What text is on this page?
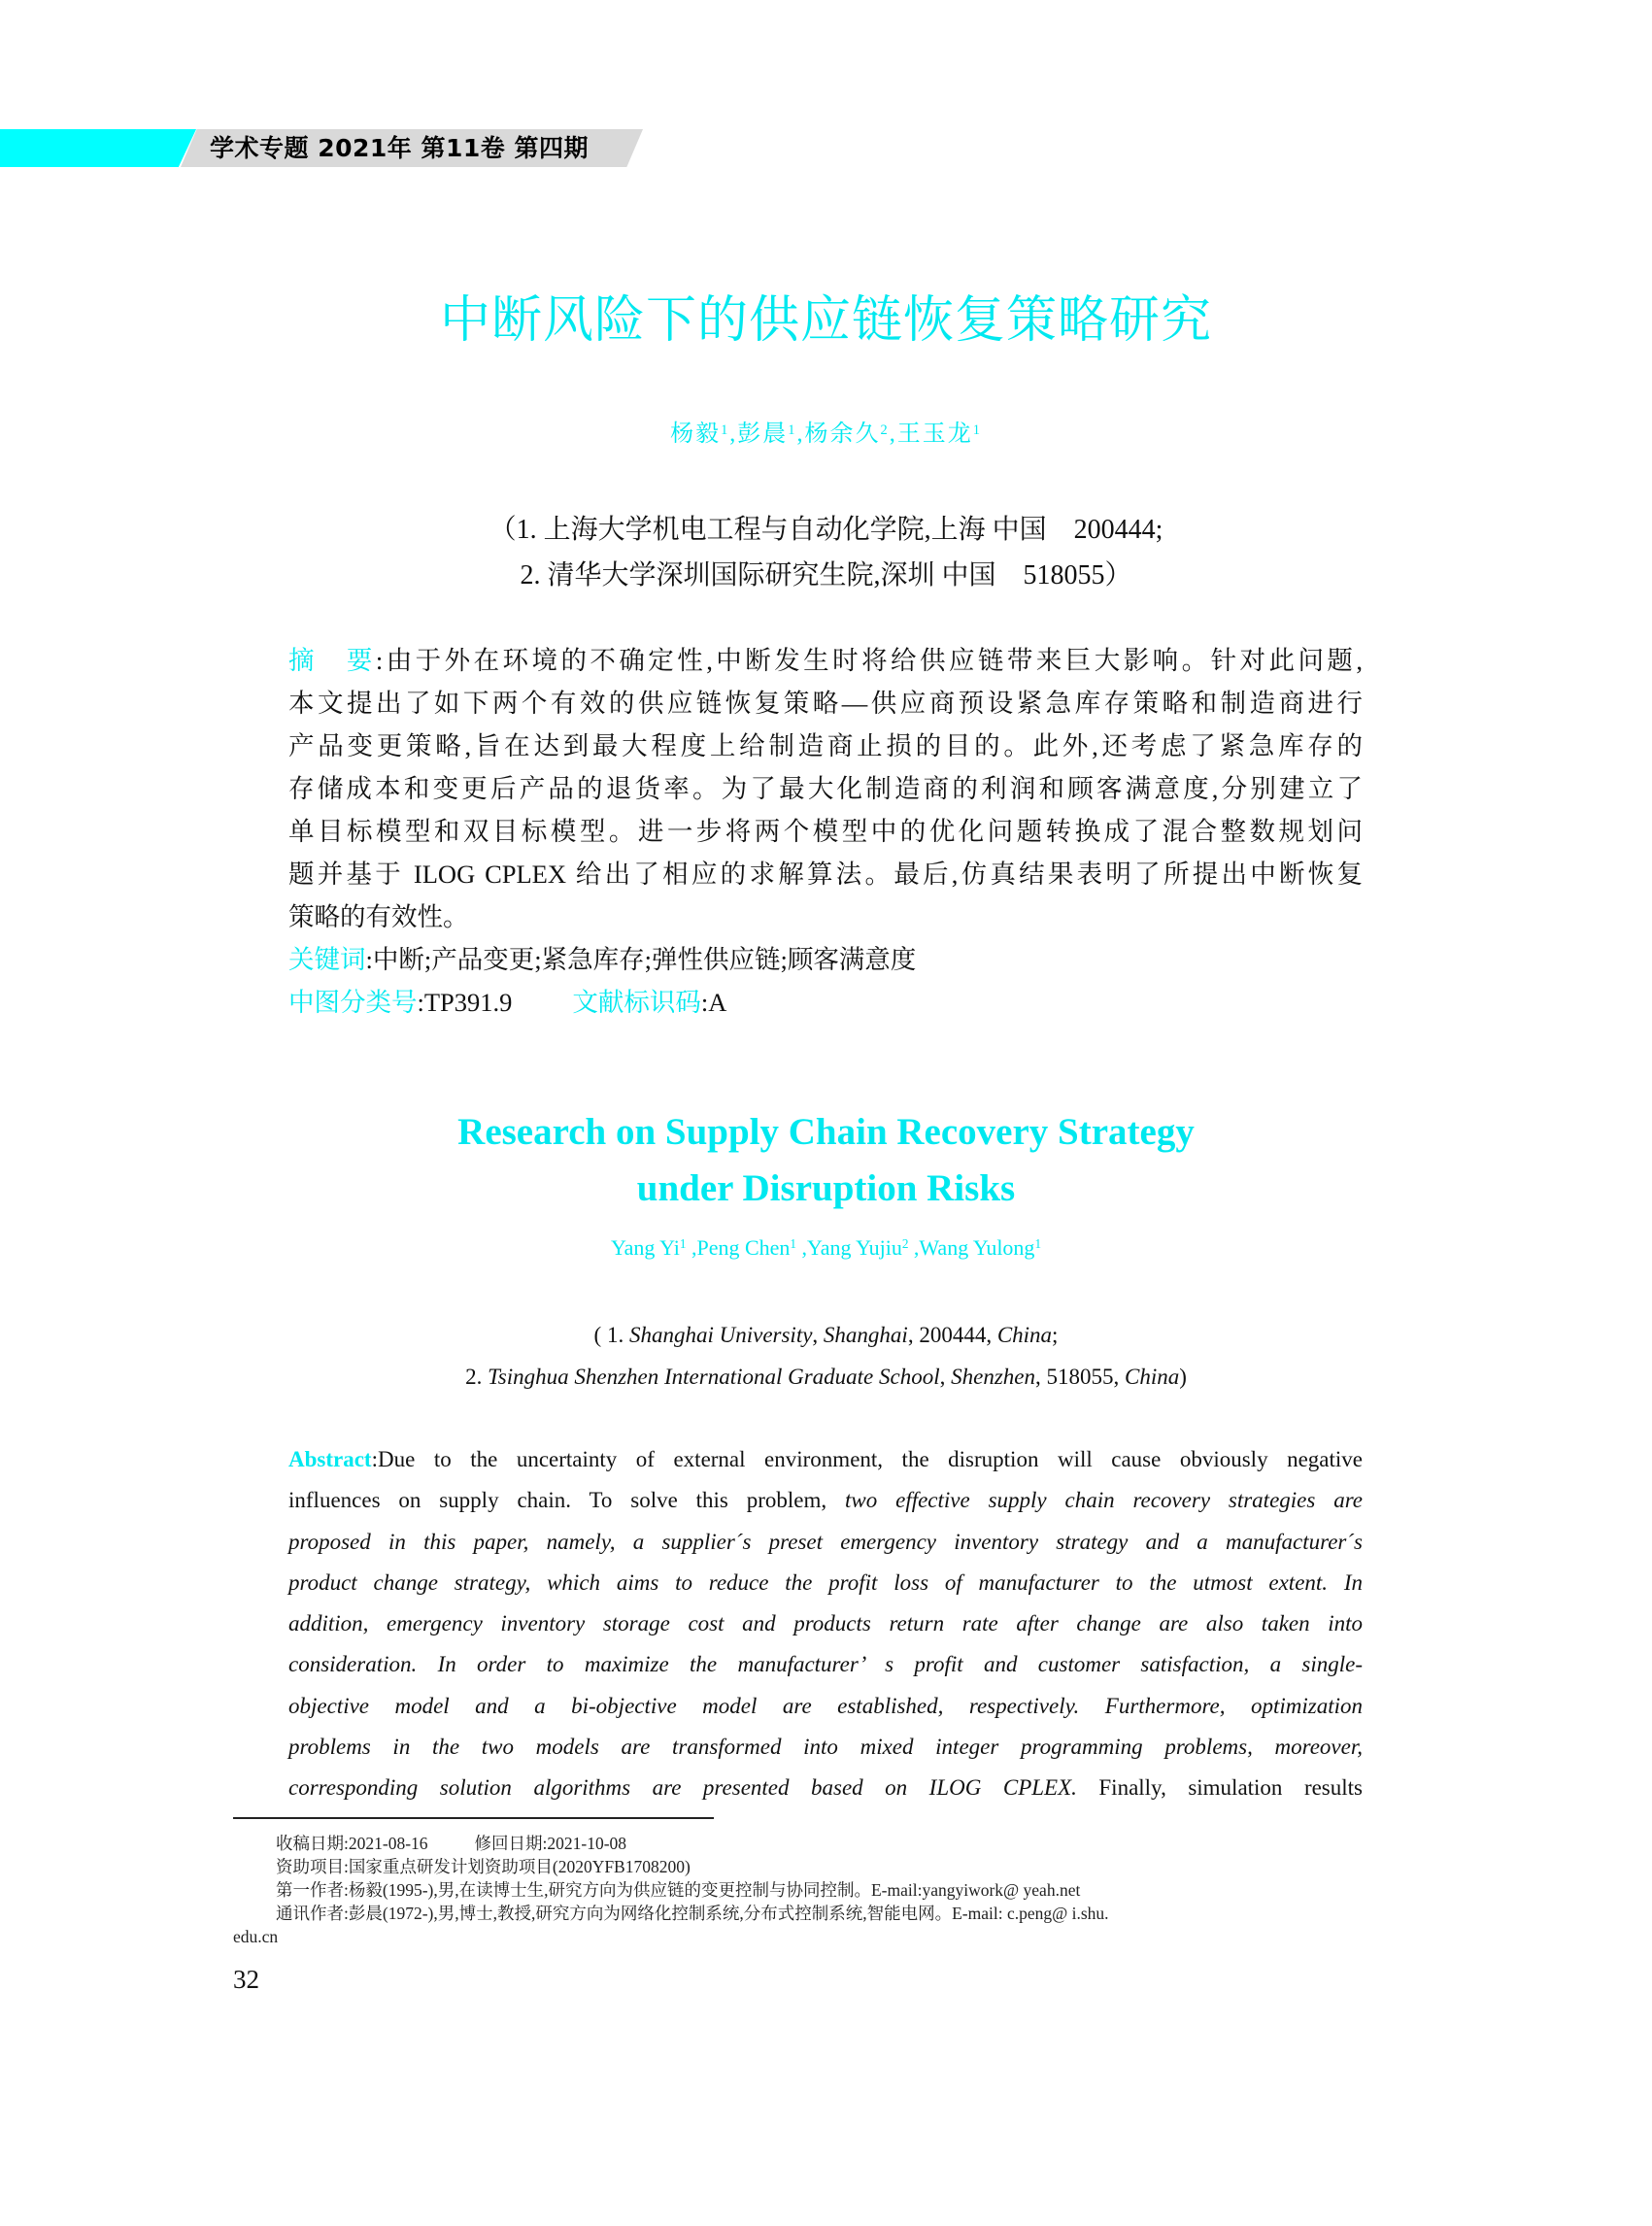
学术专题 2021年 第11卷 第四期
中断风险下的供应链恢复策略研究
杨毅$^1$,彭晨$^1$,杨余久$^2$,王玉龙$^1$
（1. 上海大学机电工程与自动化学院,上海 中国　200444;
2. 清华大学深圳国际研究生院,深圳 中国　518055）
摘　要:由于外在环境的不确定性,中断发生时将给供应链带来巨大影响。针对此问题,
本文提出了如下两个有效的供应链恢复策略—供应商预设紧急库存策略和制造商进行
产品变更策略,旨在达到最大程度上给制造商止损的目的。此外,还考虑了紧急库存的
存储成本和变更后产品的退货率。为了最大化制造商的利润和顾客满意度,分别建立了
单目标模型和双目标模型。进一步将两个模型中的优化问题转换成了混合整数规划问
题并基于 ILOG CPLEX 给出了相应的求解算法。最后,仿真结果表明了所提出中断恢复
策略的有效性。
关键词:中断;产品变更;紧急库存;弹性供应链;顾客满意度
中图分类号:TP391.9 文献标识码:A
Research on Supply Chain Recovery Strategy
under Disruption Risks
Yang Yi$^1$ ,Peng Chen$^1$ ,Yang Yujiu$^2$ ,Wang Yulong$^1$
( 1. Shanghai University, Shanghai, 200444, China;
2. Tsinghua Shenzhen International Graduate School, Shenzhen, 518055, China)
Abstract:Due to the uncertainty of external environment, the disruption will cause obviously negative
influences on supply chain. To solve this problem, two effective supply chain recovery strategies are
proposed in this paper, namely, a supplier´s preset emergency inventory strategy and a manufacturer´s
product change strategy, which aims to reduce the profit loss of manufacturer to the utmost extent. In
addition, emergency inventory storage cost and products return rate after change are also taken into
consideration. In order to maximize the manufacturer’ s profit and customer satisfaction, a single-
objective model and a bi-objective model are established, respectively. Furthermore, optimization
problems in the two models are transformed into mixed integer programming problems, moreover,
corresponding solution algorithms are presented based on ILOG CPLEX. Finally, simulation results
收稿日期:2021-08-16	修回日期:2021-10-08
资助项目:国家重点研发计划资助项目(2020YFB1708200)
第一作者:杨毅(1995-),男,在读博士生,研究方向为供应链的变更控制与协同控制。E-mail:yangyiwork@ yeah.net
通讯作者:彭晨(1972-),男,博士,教授,研究方向为网络化控制系统,分布式控制系统,智能电网。E-mail: c.peng@ i.shu.
edu.cn
32
